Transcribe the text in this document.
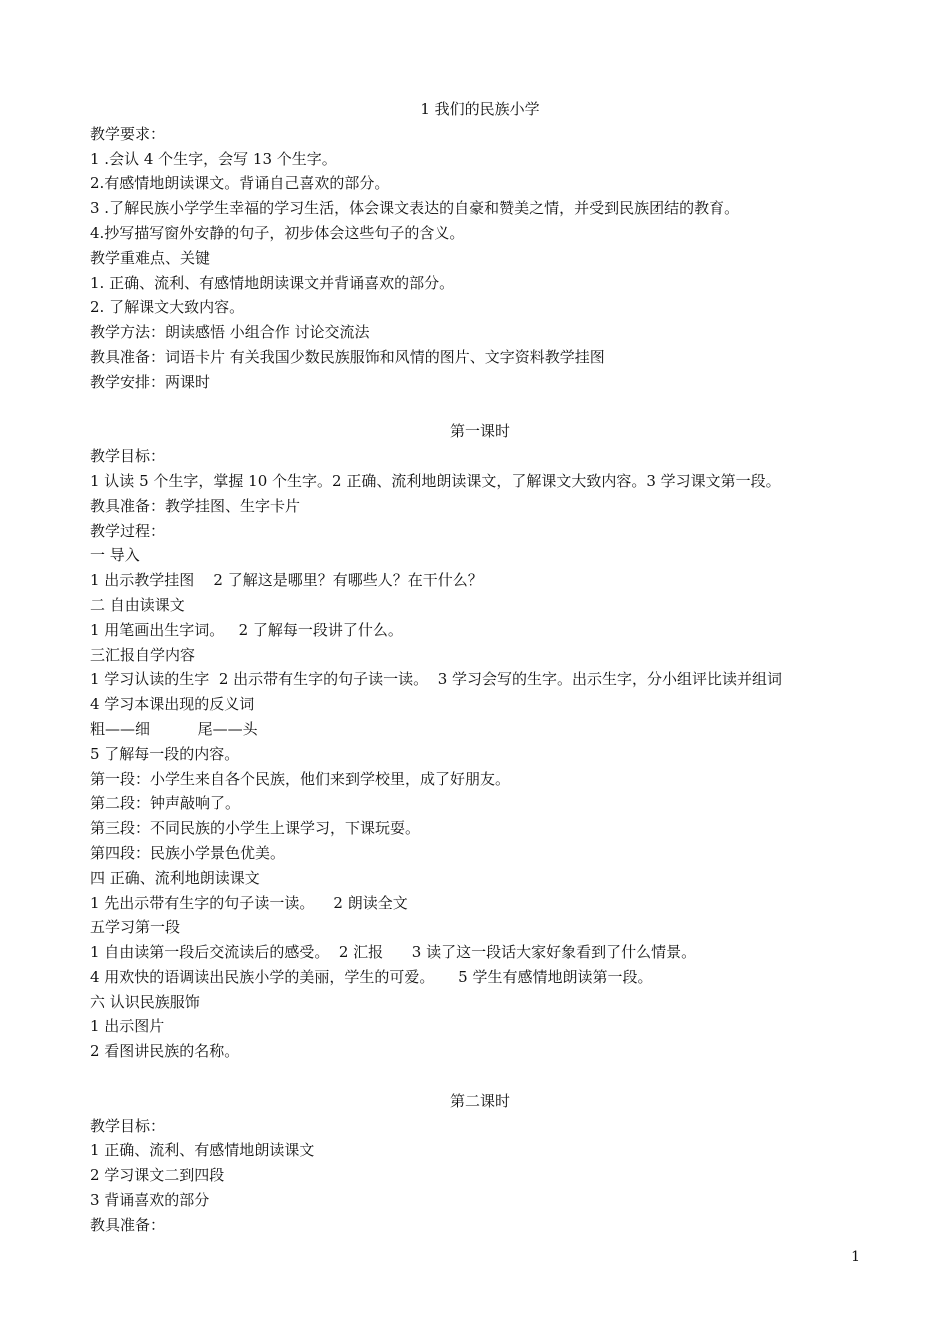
1 我们的民族小学
教学要求：
1 .会认 4 个生字，会写 13 个生字。
2.有感情地朗读课文。背诵自己喜欢的部分。
3 .了解民族小学学生幸福的学习生活，体会课文表达的自豪和赞美之情，并受到民族团结的教育。
4.抄写描写窗外安静的句子，初步体会这些句子的含义。
教学重难点、关键
1. 正确、流利、有感情地朗读课文并背诵喜欢的部分。
2. 了解课文大致内容。
教学方法：朗读感悟 小组合作 讨论交流法
教具准备：词语卡片 有关我国少数民族服饰和风情的图片、文字资料教学挂图
教学安排：两课时
第一课时
教学目标：
1 认读 5 个生字，掌握 10 个生字。2 正确、流利地朗读课文，了解课文大致内容。3 学习课文第一段。
教具准备：教学挂图、生字卡片
教学过程：
一 导入
1 出示教学挂图    2 了解这是哪里？有哪些人？在干什么？
二 自由读课文
1 用笔画出生字词。   2 了解每一段讲了什么。
三汇报自学内容
1 学习认读的生字  2 出示带有生字的句子读一读。  3 学习会写的生字。出示生字，分小组评比读并组词
4 学习本课出现的反义词
粗——细          尾——头
5 了解每一段的内容。
第一段：小学生来自各个民族，他们来到学校里，成了好朋友。
第二段：钟声敲响了。
第三段：不同民族的小学生上课学习，下课玩耍。
第四段：民族小学景色优美。
四 正确、流利地朗读课文
1 先出示带有生字的句子读一读。    2 朗读全文
五学习第一段
1 自由读第一段后交流读后的感受。  2 汇报      3 读了这一段话大家好象看到了什么情景。
4 用欢快的语调读出民族小学的美丽，学生的可爱。     5 学生有感情地朗读第一段。
六 认识民族服饰
1 出示图片
2 看图讲民族的名称。
第二课时
教学目标：
1 正确、流利、有感情地朗读课文
2 学习课文二到四段
3 背诵喜欢的部分
教具准备：
1
